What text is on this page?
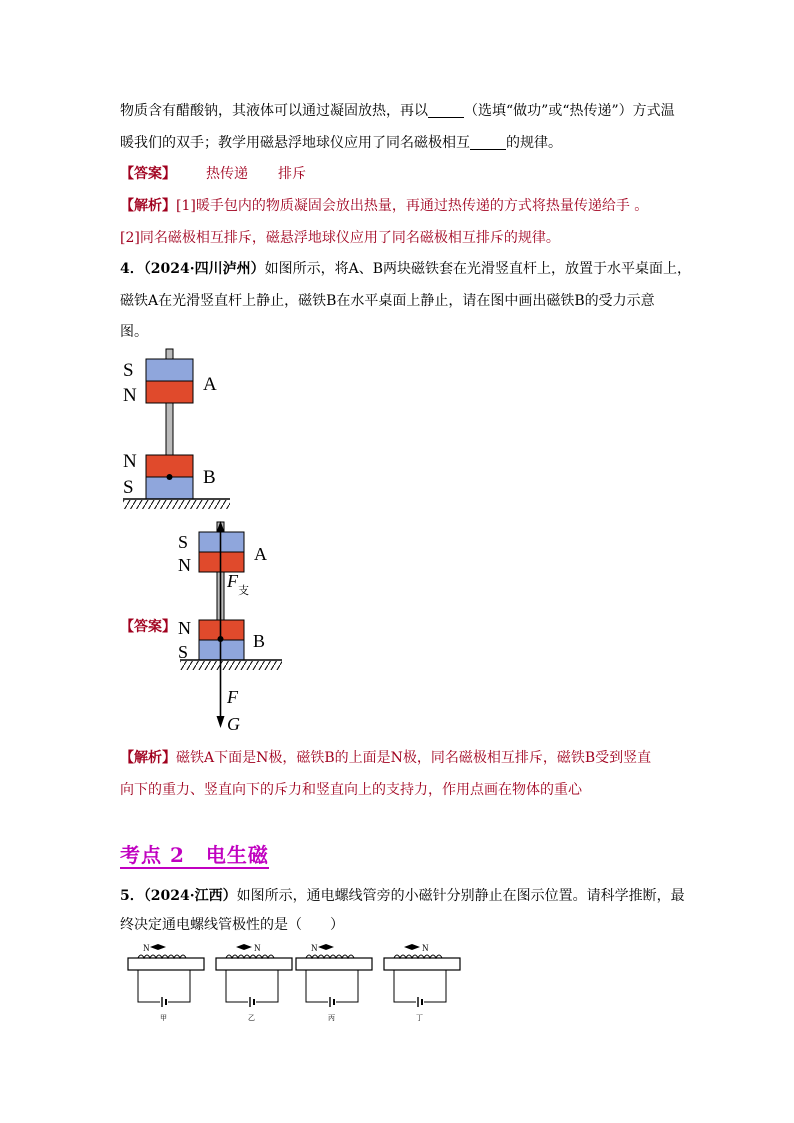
物质含有醋酸钠，其液体可以通过凝固放热，再以	（选填“做功”或“热传递”）方式温
暖我们的双手；教学用磁悬浮地球仪应用了同名磁极相互	的规律。
【答案】 热传递 排斥
【解析】[1]暖手包内的物质凝固会放出热量，再通过热传递的方式将热量传递给手 。
[2]同名磁极相互排斥，磁悬浮地球仪应用了同名磁极相互排斥的规律。
4．（2024·四川泸州）如图所示，将A、B两块磁铁套在光滑竖直杆上，放置于水平桌面上，
磁铁A在光滑竖直杆上静止，磁铁B在水平桌面上静止，请在图中画出磁铁B的受力示意
图。
S
N
A
N
S	B
【答案】
S
N
A
N
S
B
F 支
F
G
【解析】磁铁A下面是N极，磁铁B的上面是N极，同名磁极相互排斥，磁铁B受到竖直
向下的重力、竖直向下的斥力和竖直向上的支持力，作用点画在物体的重心
考点 2　电生磁
5．（2024·江西）如图所示，通电螺线管旁的小磁针分别静止在图示位置。请科学推断，最
终决定通电螺线管极性的是（　　）
N
甲
N
乙
N
丙
N
丁
